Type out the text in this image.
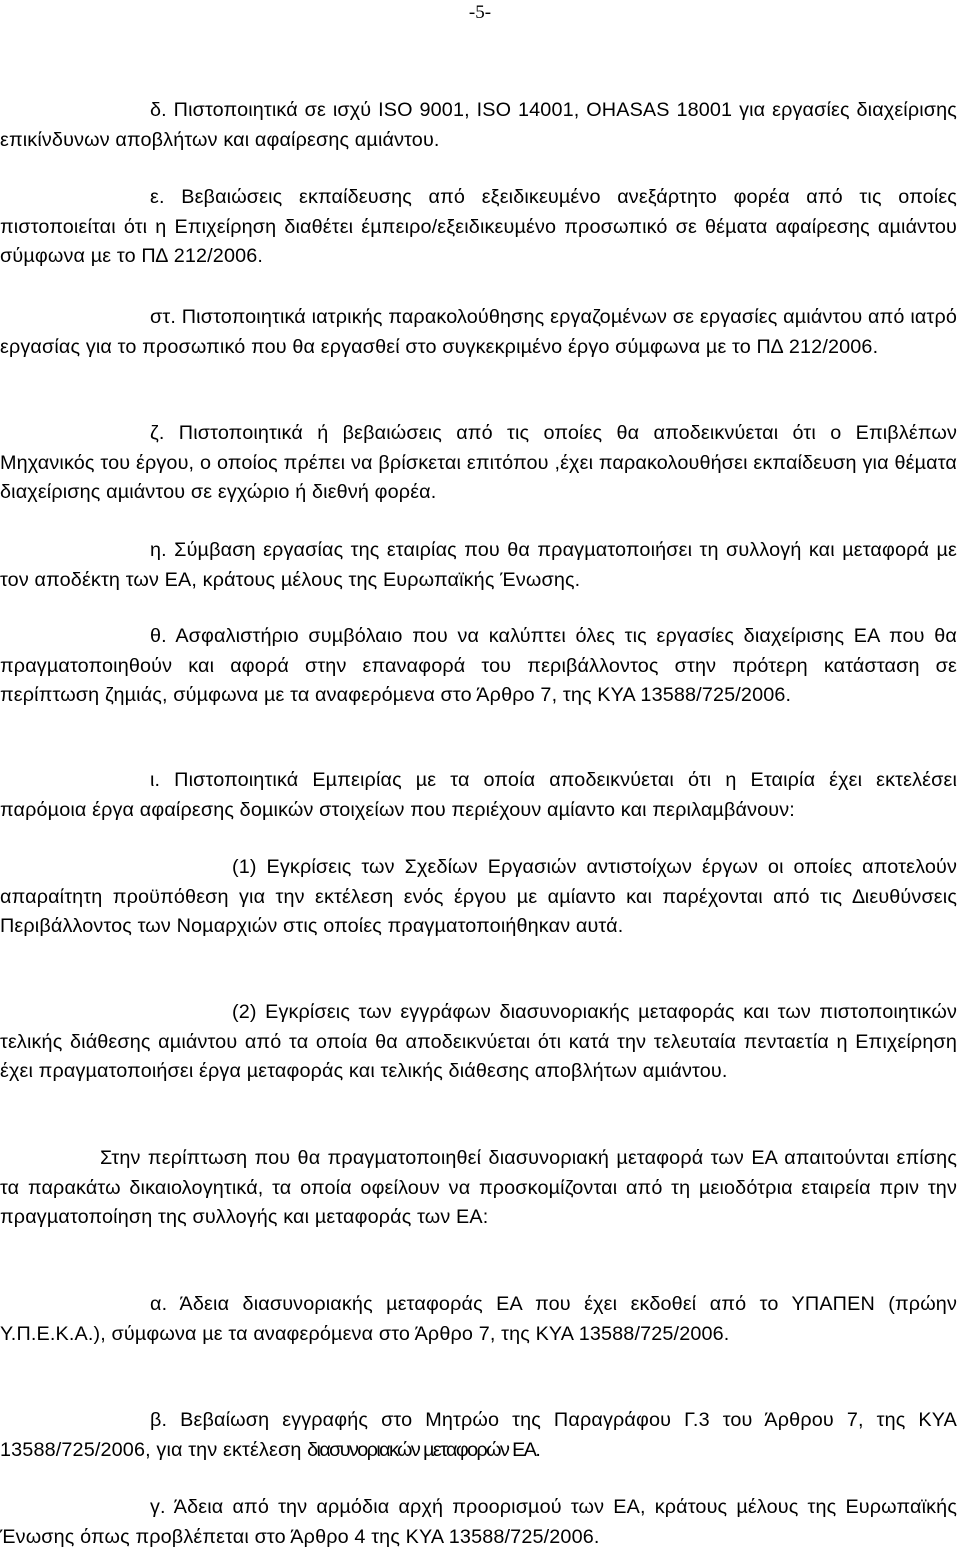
-5-

δ. Πιστοποιητικά σε ισχύ ISO 9001, ISO 14001, OHASAS 18001 για εργασίες διαχείρισης επικίνδυνων αποβλήτων και αφαίρεσης αµιάντου.

ε. Βεβαιώσεις εκπαίδευσης από εξειδικευµένο ανεξάρτητο φορέα από τις οποίες πιστοποιείται ότι η Επιχείρηση διαθέτει έµπειρο/εξειδικευµένο προσωπικό σε θέµατα αφαίρεσης αµιάντου σύµφωνα µε το Π∆ 212/2006.

στ. Πιστοποιητικά ιατρικής παρακολούθησης εργαζοµένων σε εργασίες αµιάντου από ιατρό εργασίας για το προσωπικό που θα εργασθεί στο συγκεκριµένο έργο σύµφωνα µε το Π∆ 212/2006.

ζ. Πιστοποιητικά ή βεβαιώσεις από τις οποίες θα αποδεικνύεται ότι ο Επιβλέπων Μηχανικός του έργου, ο οποίος πρέπει να βρίσκεται επιτόπου ,έχει παρακολουθήσει εκπαίδευση για θέµατα διαχείρισης αµιάντου σε εγχώριο ή διεθνή φορέα.

η. Σύµβαση εργασίας της εταιρίας που θα πραγµατοποιήσει τη συλλογή και µεταφορά µε τον αποδέκτη των ΕΑ, κράτους µέλους της Ευρωπαϊκής Ένωσης.

θ. Ασφαλιστήριο συµβόλαιο που να καλύπτει όλες τις εργασίες διαχείρισης ΕΑ που θα πραγµατοποιηθούν και αφορά στην επαναφορά του περιβάλλοντος στην πρότερη κατάσταση σε περίπτωση ζηµιάς, σύµφωνα µε τα αναφερόµενα στο Άρθρο 7, της ΚΥΑ 13588/725/2006.

ι. Πιστοποιητικά Εµπειρίας µε τα οποία αποδεικνύεται ότι η Εταιρία έχει εκτελέσει παρόµοια έργα αφαίρεσης δοµικών στοιχείων που περιέχουν αµίαντο και περιλαµβάνουν:

(1) Εγκρίσεις των Σχεδίων Εργασιών αντιστοίχων έργων οι οποίες αποτελούν απαραίτητη προϋπόθεση για την εκτέλεση ενός έργου µε αµίαντο και παρέχονται από τις ∆ιευθύνσεις Περιβάλλοντος των Νοµαρχιών στις οποίες πραγµατοποιήθηκαν αυτά.

(2) Εγκρίσεις των εγγράφων διασυνοριακής µεταφοράς και των πιστοποιητικών τελικής διάθεσης αµιάντου από τα οποία θα αποδεικνύεται ότι κατά την τελευταία πενταετία η Επιχείρηση έχει πραγµατοποιήσει έργα µεταφοράς και τελικής διάθεσης αποβλήτων αµιάντου.

Στην περίπτωση που θα πραγµατοποιηθεί διασυνοριακή µεταφορά των ΕΑ απαιτούνται επίσης τα παρακάτω δικαιολογητικά, τα οποία οφείλουν να προσκοµίζονται από τη µειοδότρια εταιρεία πριν την πραγµατοποίηση της συλλογής και µεταφοράς των ΕΑ:

α. Άδεια διασυνοριακής µεταφοράς ΕΑ που έχει εκδοθεί από το ΥΠΑΠΕΝ (πρώην Υ.Π.Ε.Κ.Α.), σύµφωνα µε τα αναφερόµενα στο Άρθρο 7, της ΚΥΑ 13588/725/2006.

β. Βεβαίωση εγγραφής στο Μητρώο της Παραγράφου Γ.3 του Άρθρου 7, της ΚΥΑ 13588/725/2006, για την εκτέλεση διασυνοριακών µεταφορών ΕΑ.

γ. Άδεια από την αρµόδια αρχή προορισµού των ΕΑ, κράτους µέλους της Ευρωπαϊκής Ένωσης όπως προβλέπεται στο Άρθρο 4 της ΚΥΑ 13588/725/2006.
